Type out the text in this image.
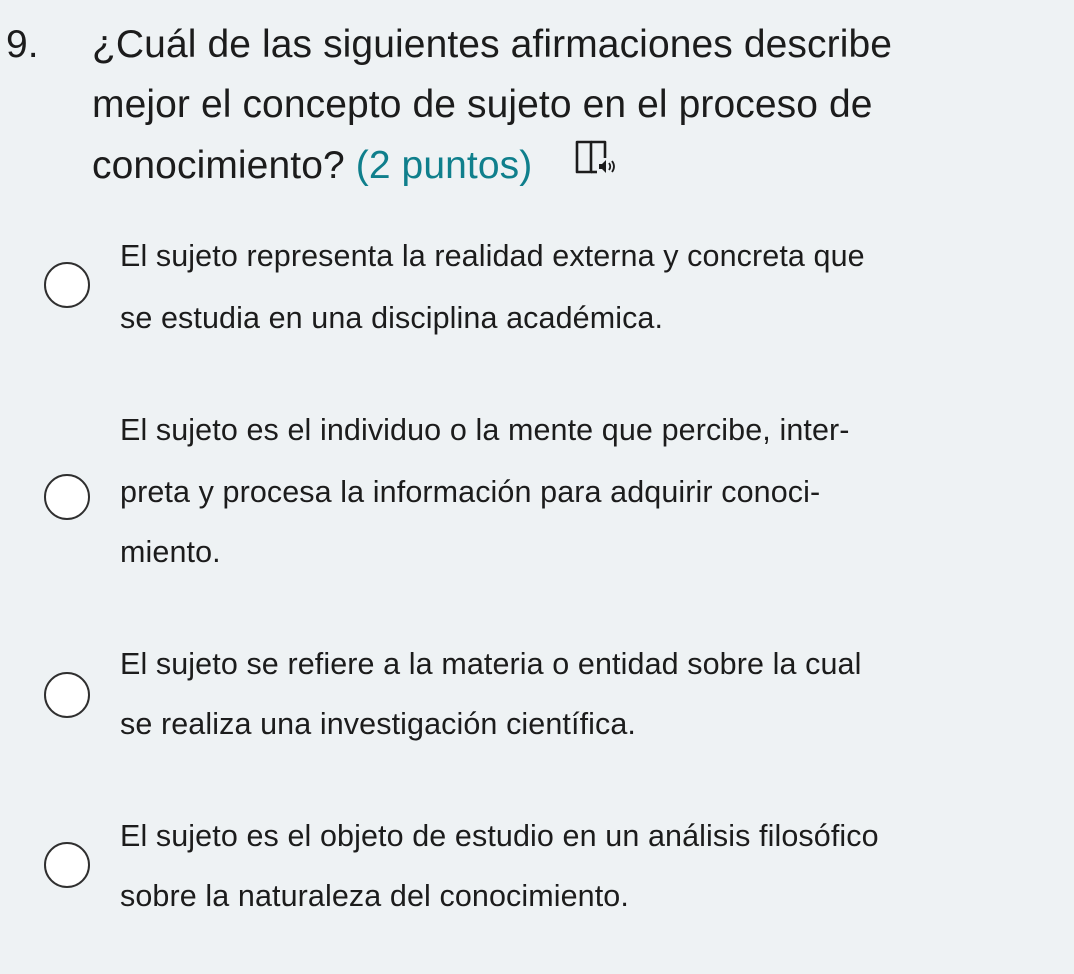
9. ¿Cuál de las siguientes afirmaciones describe
mejor el concepto de sujeto en el proceso de
conocimiento? (2 puntos)
El sujeto representa la realidad externa y concreta que
se estudia en una disciplina académica.
El sujeto es el individuo o la mente que percibe, inter-
preta y procesa la información para adquirir conoci-
miento.
El sujeto se refiere a la materia o entidad sobre la cual
se realiza una investigación científica.
El sujeto es el objeto de estudio en un análisis filosófico
sobre la naturaleza del conocimiento.
